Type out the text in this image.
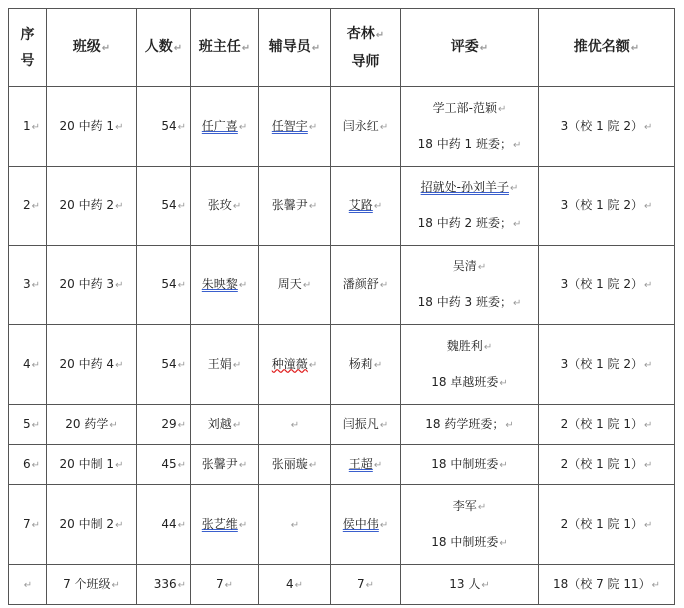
序
号	班级↵	人数↵	班主任↵	辅导员↵	杏林↵
导师	评委↵	推优名额↵
1↵	20 中药 1↵	54↵	任广喜↵	任智宇↵	闫永红↵	学工部-范颖↵
18 中药 1 班委；↵	3（校 1 院 2）↵
2↵	20 中药 2↵	54↵	张玫↵	张馨尹↵	艾路↵	招就处-孙刘羊子↵
18 中药 2 班委；↵	3（校 1 院 2）↵
3↵	20 中药 3↵	54↵	朱映黎↵	周天↵	潘颜舒↵	吴清↵
18 中药 3 班委；↵	3（校 1 院 2）↵
4↵	20 中药 4↵	54↵	王娟↵	种潼薇↵	杨莉↵	魏胜利↵
18 卓越班委↵	3（校 1 院 2）↵
5↵	20 药学↵	29↵	刘越↵	↵	闫振凡↵	18 药学班委；↵	2（校 1 院 1）↵
6↵	20 中制 1↵	45↵	张馨尹↵	张丽璇↵	王超↵	18 中制班委↵	2（校 1 院 1）↵
7↵	20 中制 2↵	44↵	张艺维↵	↵	侯中伟↵	李军↵
18 中制班委↵	2（校 1 院 1）↵
↵	7 个班级↵	336↵	7↵	4↵	7↵	13 人↵	18（校 7 院 11）↵
